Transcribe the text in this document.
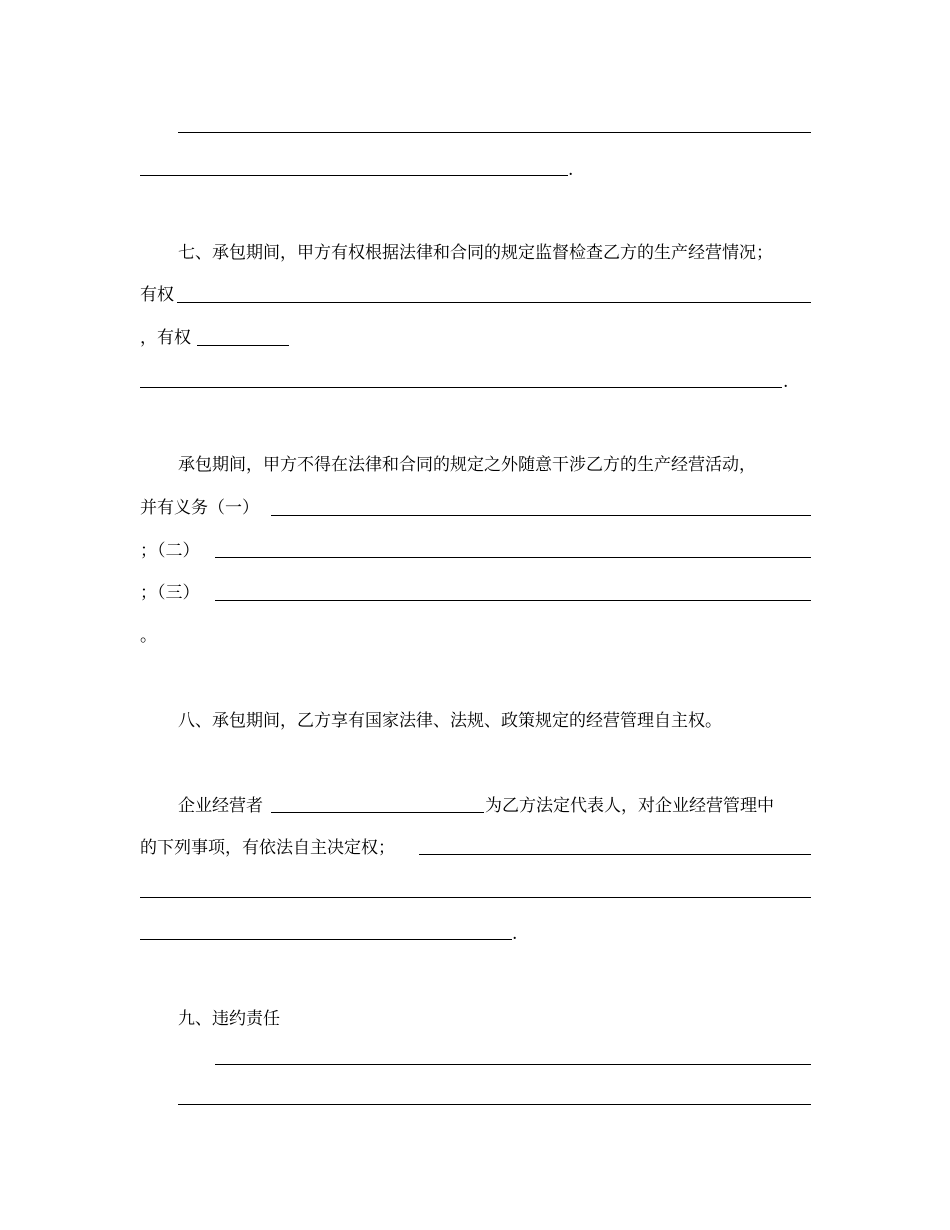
.
七、承包期间，甲方有权根据法律和合同的规定监督检查乙方的生产经营情况；
有权
，有权
.
承包期间，甲方不得在法律和合同的规定之外随意干涉乙方的生产经营活动，
并有义务（一）
；（二）
；（三）
。
八、承包期间，乙方享有国家法律、法规、政策规定的经营管理自主权。
企业经营者	为乙方法定代表人，对企业经营管理中
的下列事项，有依法自主决定权；
.
九、违约责任
